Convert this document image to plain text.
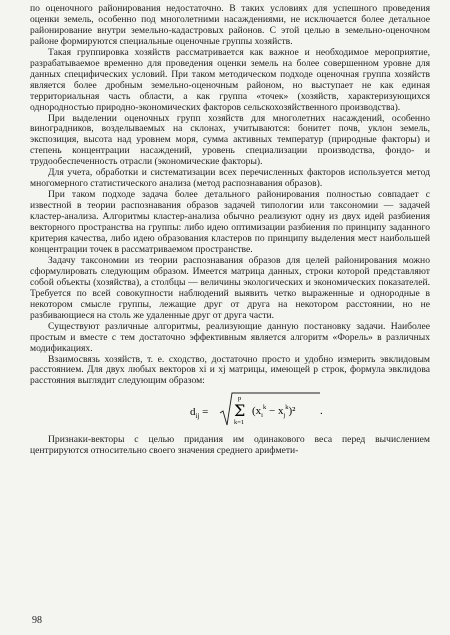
по оценочного районирования недостаточно. В таких условиях для успешного проведения оценки земель, особенно под многолетними насаждениями, не исключается более детальное районирование внутри земельно-кадастровых районов. С этой целью в земельно-оценочном районе формируются специальные оценочные группы хозяйств.

Такая группировка хозяйств рассматривается как важное и необходимое мероприятие, разрабатываемое временно для проведения оценки земель на более совершенном уровне для данных специфических условий. При таком методическом подходе оценочная группа хозяйств является более дробным земельно-оценочным районом, но выступает не как единая территориальная часть области, а как группа «точек» (хозяйств, характеризующихся однородностью природно-экономических факторов сельскохозяйственного производства).

При выделении оценочных групп хозяйств для многолетних насаждений, особенно виноградников, возделываемых на склонах, учитываются: бонитет почв, уклон земель, экспозиция, высота над уровнем моря, сумма активных температур (природные факторы) и степень концентрации насаждений, уровень специализации производства, фондо- и трудообеспеченность отрасли (экономические факторы).

Для учета, обработки и систематизации всех перечисленных факторов используется метод многомерного статистического анализа (метод распознавания образов).

При таком подходе задача более детального районирования полностью совпадает с известной в теории распознавания образов задачей типологии или таксономии — задачей кластер-анализа. Алгоритмы кластер-анализа обычно реализуют одну из двух идей разбиения векторного пространства на группы: либо идею оптимизации разбиения по принципу заданного критерия качества, либо идею образования кластеров по принципу выделения мест наибольшей концентрации точек в рассматриваемом пространстве.

Задачу таксономии из теории распознавания образов для целей районирования можно сформулировать следующим образом. Имеется матрица данных, строки которой представляют собой объекты (хозяйства), а столбцы — величины экологических и экономических показателей. Требуется по всей совокупности наблюдений выявить четко выраженные и однородные в некотором смысле группы, лежащие друг от друга на некотором расстоянии, но не разбивающиеся на столь же удаленные друг от друга части.

Существуют различные алгоритмы, реализующие данную постановку задачи. Наиболее простым и вместе с тем достаточно эффективным является алгоритм «Форель» в различных модификациях.

Взаимосвязь хозяйств, т. е. сходство, достаточно просто и удобно измерить эвклидовым расстоянием. Для двух любых векторов xi и xj матрицы, имеющей p строк, формула эвклидова расстояния выглядит следующим образом:

$d_{ij}$ =
p
Σ
k=1
$(x_i^k - x_j^k)^2$ .

Признаки-векторы с целью придания им одинакового веса перед вычислением центрируются относительно своего значения среднего арифмети-

98
